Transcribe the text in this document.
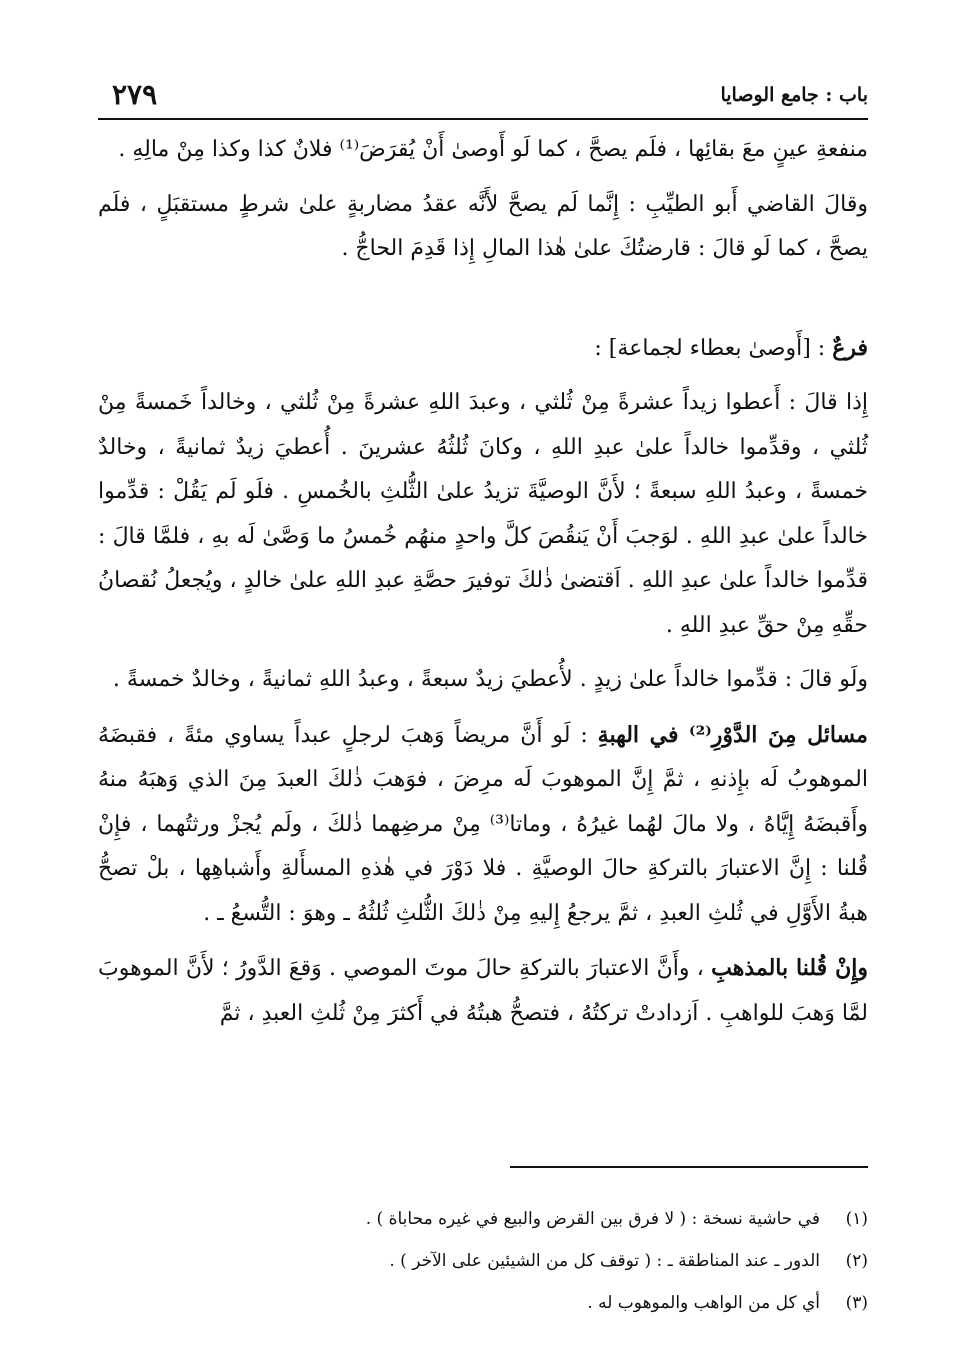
باب : جامع الوصايا
٢٧٩

منفعةِ عينٍ معَ بقائِها ، فلَم يصحَّ ، كما لَو أَوصىٰ أَنْ يُقرَضَ⁽¹⁾ فلانٌ كذا وكذا مِنْ مالِهِ .

وقالَ القاضي أَبو الطيِّبِ : إِنَّما لَم يصحَّ لأَنَّه عقدُ مضاربةٍ علىٰ شرطٍ مستقبَلٍ ، فلَم يصحَّ ، كما لَو قالَ : قارضتُكَ علىٰ هٰذا المالِ إِذا قَدِمَ الحاجُّ .

فرعٌ : [أَوصىٰ بعطاء لجماعة] :

إِذا قالَ : أَعطوا زيداً عشرةً مِنْ ثُلثي ، وعبدَ اللهِ عشرةً مِنْ ثُلثي ، وخالداً خَمسةً مِنْ ثُلثي ، وقدِّموا خالداً علىٰ عبدِ اللهِ ، وكانَ ثُلثُهُ عشرينَ . أُعطيَ زيدٌ ثمانيةً ، وخالدٌ خمسةً ، وعبدُ اللهِ سبعةً ؛ لأَنَّ الوصيَّةَ تزيدُ علىٰ الثُّلثِ بالخُمسِ . فلَو لَم يَقُلْ : قدِّموا خالداً علىٰ عبدِ اللهِ . لوَجبَ أَنْ يَنقُصَ كلَّ واحدٍ منهُم خُمسُ ما وَصَّىٰ لَه بهِ ، فلمَّا قالَ : قدِّموا خالداً علىٰ عبدِ اللهِ . اَقتضىٰ ذٰلكَ توفيرَ حصَّةِ عبدِ اللهِ علىٰ خالدٍ ، ويُجعلُ نُقصانُ حقِّهِ مِنْ حقِّ عبدِ اللهِ .

ولَو قالَ : قدِّموا خالداً علىٰ زيدٍ . لأُعطيَ زيدٌ سبعةً ، وعبدُ اللهِ ثمانيةً ، وخالدٌ خمسةً .

مسائل مِنَ الدَّوْرِ⁽²⁾ في الهبةِ : لَو أَنَّ مريضاً وَهبَ لرجلٍ عبداً يساوي مئةً ، فقبضَهُ الموهوبُ لَه بإِذنهِ ، ثمَّ إِنَّ الموهوبَ لَه مرِضَ ، فوَهبَ ذٰلكَ العبدَ مِنَ الذي وَهبَهُ منهُ وأَقبضَهُ إِيَّاهُ ، ولا مالَ لهُما غيرُهُ ، وماتا⁽³⁾ مِنْ مرضِهما ذٰلكَ ، ولَم يُجزْ ورثتُهما ، فإِنْ قُلنا : إِنَّ الاعتبارَ بالتركةِ حالَ الوصيَّةِ . فلا دَوْرَ في هٰذهِ المسأَلةِ وأَشباهِها ، بلْ تصحُّ هبةُ الأَوَّلِ في ثُلثِ العبدِ ، ثمَّ يرجعُ إِليهِ مِنْ ذٰلكَ الثُّلثِ ثُلثُهُ ـ وهوَ : التُّسعُ ـ .

وإِنْ قُلنا بالمذهبِ ، وأَنَّ الاعتبارَ بالتركةِ حالَ موتَ الموصي . وَقعَ الدَّورُ ؛ لأَنَّ الموهوبَ لمَّا وَهبَ للواهبِ . اَزدادتْ تركتُهُ ، فتصحُّ هبتُهُ في أَكثرَ مِنْ ثُلثِ العبدِ ، ثمَّ

(١)
في حاشية نسخة : ( لا فرق بين القرض والبيع في غيره محاباة ) .
(٢)
الدور ـ عند المناطقة ـ : ( توقف كل من الشيئين على الآخر ) .
(٣)
أي كل من الواهب والموهوب له .
